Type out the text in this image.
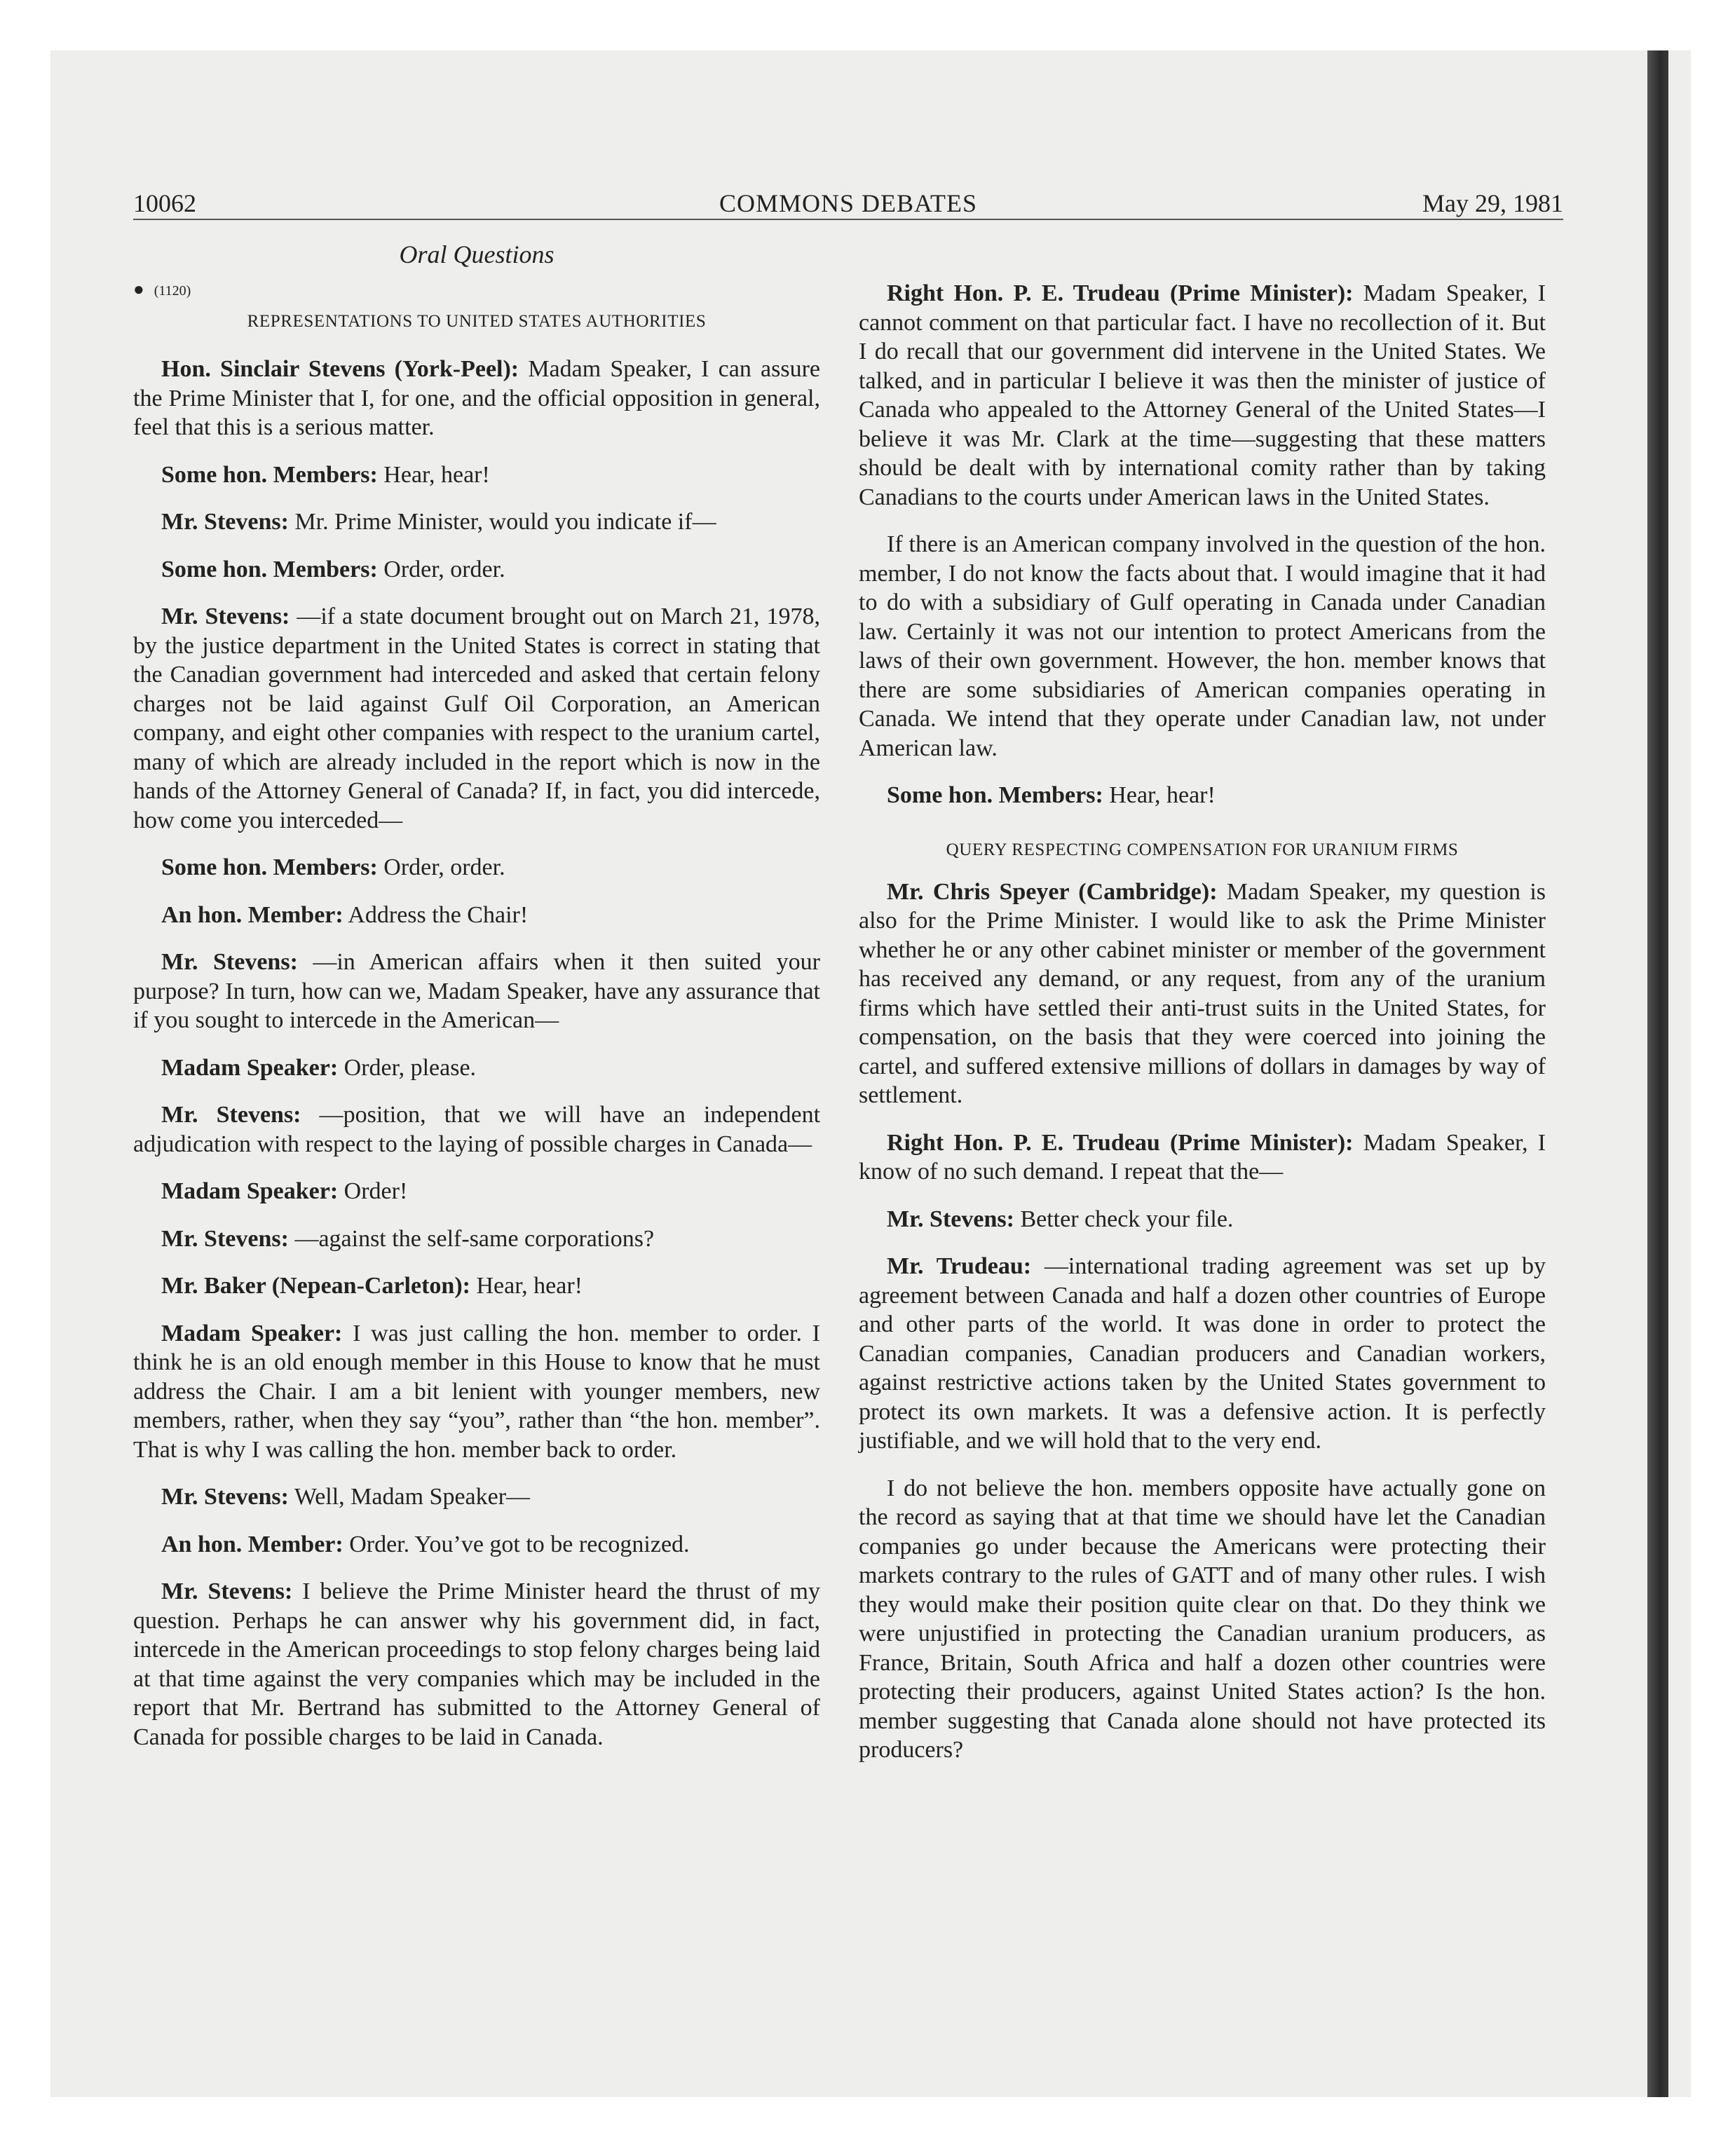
10062	COMMONS DEBATES	May 29, 1981

Oral Questions

● (1120)

REPRESENTATIONS TO UNITED STATES AUTHORITIES

Hon. Sinclair Stevens (York-Peel): Madam Speaker, I can assure the Prime Minister that I, for one, and the official opposition in general, feel that this is a serious matter.

Some hon. Members: Hear, hear!

Mr. Stevens: Mr. Prime Minister, would you indicate if—

Some hon. Members: Order, order.

Mr. Stevens: —if a state document brought out on March 21, 1978, by the justice department in the United States is correct in stating that the Canadian government had interceded and asked that certain felony charges not be laid against Gulf Oil Corporation, an American company, and eight other companies with respect to the uranium cartel, many of which are already included in the report which is now in the hands of the Attorney General of Canada? If, in fact, you did intercede, how come you interceded—

Some hon. Members: Order, order.

An hon. Member: Address the Chair!

Mr. Stevens: —in American affairs when it then suited your purpose? In turn, how can we, Madam Speaker, have any assurance that if you sought to intercede in the American—

Madam Speaker: Order, please.

Mr. Stevens: —position, that we will have an independent adjudication with respect to the laying of possible charges in Canada—

Madam Speaker: Order!

Mr. Stevens: —against the self-same corporations?

Mr. Baker (Nepean-Carleton): Hear, hear!

Madam Speaker: I was just calling the hon. member to order. I think he is an old enough member in this House to know that he must address the Chair. I am a bit lenient with younger members, new members, rather, when they say “you”, rather than “the hon. member”. That is why I was calling the hon. member back to order.

Mr. Stevens: Well, Madam Speaker—

An hon. Member: Order. You’ve got to be recognized.

Mr. Stevens: I believe the Prime Minister heard the thrust of my question. Perhaps he can answer why his government did, in fact, intercede in the American proceedings to stop felony charges being laid at that time against the very companies which may be included in the report that Mr. Bertrand has submitted to the Attorney General of Canada for possible charges to be laid in Canada.

Right Hon. P. E. Trudeau (Prime Minister): Madam Speaker, I cannot comment on that particular fact. I have no recollection of it. But I do recall that our government did intervene in the United States. We talked, and in particular I believe it was then the minister of justice of Canada who appealed to the Attorney General of the United States—I believe it was Mr. Clark at the time—suggesting that these matters should be dealt with by international comity rather than by taking Canadians to the courts under American laws in the United States.

If there is an American company involved in the question of the hon. member, I do not know the facts about that. I would imagine that it had to do with a subsidiary of Gulf operating in Canada under Canadian law. Certainly it was not our intention to protect Americans from the laws of their own government. However, the hon. member knows that there are some subsidiaries of American companies operating in Canada. We intend that they operate under Canadian law, not under American law.

Some hon. Members: Hear, hear!

QUERY RESPECTING COMPENSATION FOR URANIUM FIRMS

Mr. Chris Speyer (Cambridge): Madam Speaker, my question is also for the Prime Minister. I would like to ask the Prime Minister whether he or any other cabinet minister or member of the government has received any demand, or any request, from any of the uranium firms which have settled their anti-trust suits in the United States, for compensation, on the basis that they were coerced into joining the cartel, and suffered extensive millions of dollars in damages by way of settlement.

Right Hon. P. E. Trudeau (Prime Minister): Madam Speaker, I know of no such demand. I repeat that the—

Mr. Stevens: Better check your file.

Mr. Trudeau: —international trading agreement was set up by agreement between Canada and half a dozen other countries of Europe and other parts of the world. It was done in order to protect the Canadian companies, Canadian producers and Canadian workers, against restrictive actions taken by the United States government to protect its own markets. It was a defensive action. It is perfectly justifiable, and we will hold that to the very end.

I do not believe the hon. members opposite have actually gone on the record as saying that at that time we should have let the Canadian companies go under because the Americans were protecting their markets contrary to the rules of GATT and of many other rules. I wish they would make their position quite clear on that. Do they think we were unjustified in protecting the Canadian uranium producers, as France, Britain, South Africa and half a dozen other countries were protecting their producers, against United States action? Is the hon. member suggesting that Canada alone should not have protected its producers?
